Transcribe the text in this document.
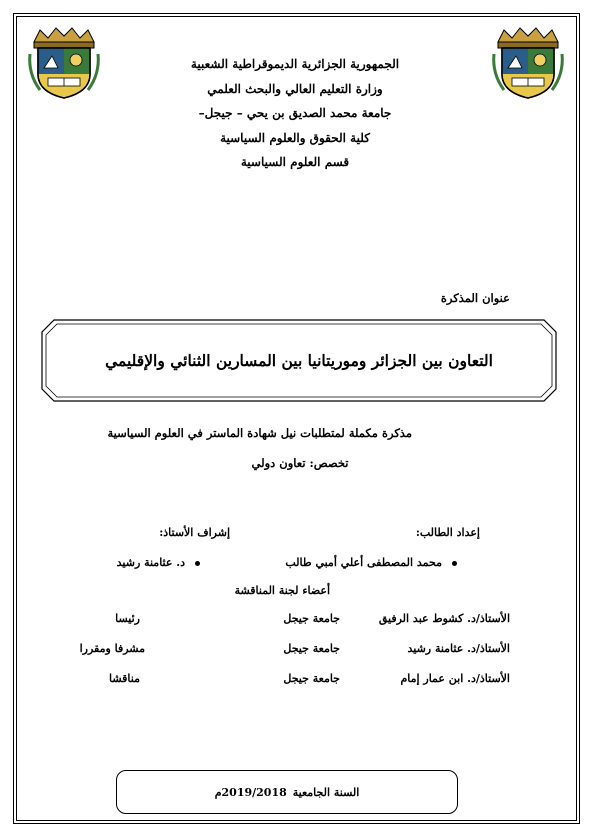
الجمهورية الجزائرية الديموقراطية الشعبية
وزارة التعليم العالي والبحث العلمي
جامعة محمد الصديق بن يحي – جيجل–
كلية الحقوق والعلوم السياسية
قسم العلوم السياسية
عنوان المذكرة
التعاون بين الجزائر وموريتانيا بين المسارين الثنائي والإقليمي
مذكرة مكملة لمتطلبات نيل شهادة الماستر في العلوم السياسية
تخصص: تعاون دولي
إعداد الطالب:
إشراف الأستاذ:
محمد المصطفى أعلي أمبي طالب
د. عثامنة رشيد
أعضاء لجنة المناقشة
الأستاذ/د. كشوط عبد الرفيق
جامعة جيجل
رئيسا
الأستاذ/د. عثامنة رشيد
جامعة جيجل
مشرفا ومقررا
الأستاذ/د. ابن عمار إمام
جامعة جيجل
مناقشا
السنة الجامعية
2019/2018م
